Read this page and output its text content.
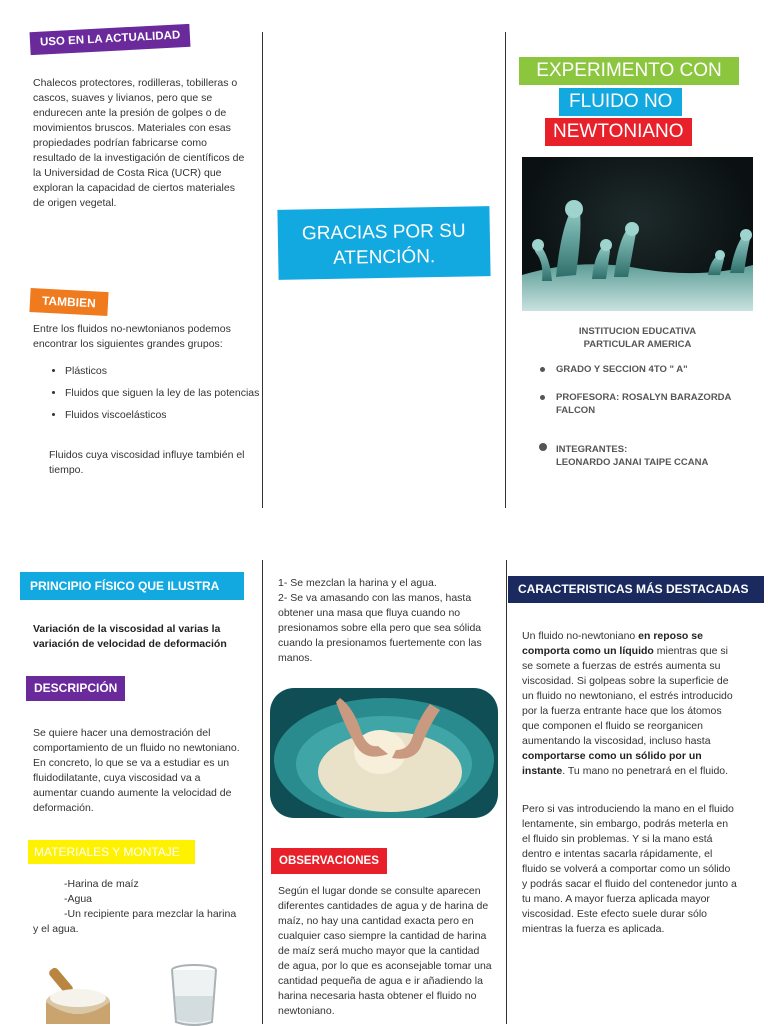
USO EN LA ACTUALIDAD
Chalecos protectores, rodilleras, tobilleras o cascos, suaves y livianos, pero que se endurecen ante la presión de golpes o de movimientos bruscos. Materiales con esas propiedades podrían fabricarse como resultado de la investigación de científicos de la Universidad de Costa Rica (UCR) que exploran la capacidad de ciertos materiales de origen vegetal.
TAMBIEN
Entre los fluidos no-newtonianos podemos encontrar los siguientes grandes grupos:
• Plásticos
• Fluidos que siguen la ley de las potencias
• Fluidos viscoelásticos
Fluidos cuya viscosidad influye también el tiempo.
GRACIAS POR SU ATENCIÓN.
EXPERIMENTO CON
FLUIDO NO
NEWTONIANO
INSTITUCION EDUCATIVA
PARTICULAR AMERICA
GRADO Y SECCION 4TO " A"
PROFESORA: ROSALYN BARAZORDA FALCON
INTEGRANTES:
LEONARDO JANAI TAIPE CCANA
PRINCIPIO FÍSICO QUE ILUSTRA
Variación de la viscosidad al varias la variación de velocidad de deformación
DESCRIPCIÓN
Se quiere hacer una demostración del comportamiento de un fluido no newtoniano. En concreto, lo que se va a estudiar es un fluidodilatante, cuya viscosidad va a aumentar cuando aumente la velocidad de deformación.
MATERIALES Y MONTAJE
-Harina de maíz
-Agua
-Un recipiente para mezclar la harina
y el agua.
1- Se mezclan la harina y el agua.
2- Se va amasando con las manos, hasta obtener una masa que fluya cuando no presionamos sobre ella pero que sea sólida cuando la presionamos fuertemente con las manos.
OBSERVACIONES
Según el lugar donde se consulte aparecen diferentes cantidades de agua y de harina de maíz, no hay una cantidad exacta pero en cualquier caso siempre la cantidad de harina de maíz será mucho mayor que la cantidad de agua, por lo que es aconsejable tomar una cantidad pequeña de agua e ir añadiendo la harina necesaria hasta obtener el fluido no newtoniano.
CARACTERISTICAS MÁS DESTACADAS
Un fluido no-newtoniano en reposo se comporta como un líquido mientras que si se somete a fuerzas de estrés aumenta su viscosidad. Si golpeas sobre la superficie de un fluido no newtoniano, el estrés introducido por la fuerza entrante hace que los átomos que componen el fluido se reorganicen aumentando la viscosidad, incluso hasta comportarse como un sólido por un instante. Tu mano no penetrará en el fluido.
Pero si vas introduciendo la mano en el fluido lentamente, sin embargo, podrás meterla en el fluido sin problemas. Y si la mano está dentro e intentas sacarla rápidamente, el fluido se volverá a comportar como un sólido y podrás sacar el fluido del contenedor junto a tu mano. A mayor fuerza aplicada mayor viscosidad. Este efecto suele durar sólo mientras la fuerza es aplicada.
